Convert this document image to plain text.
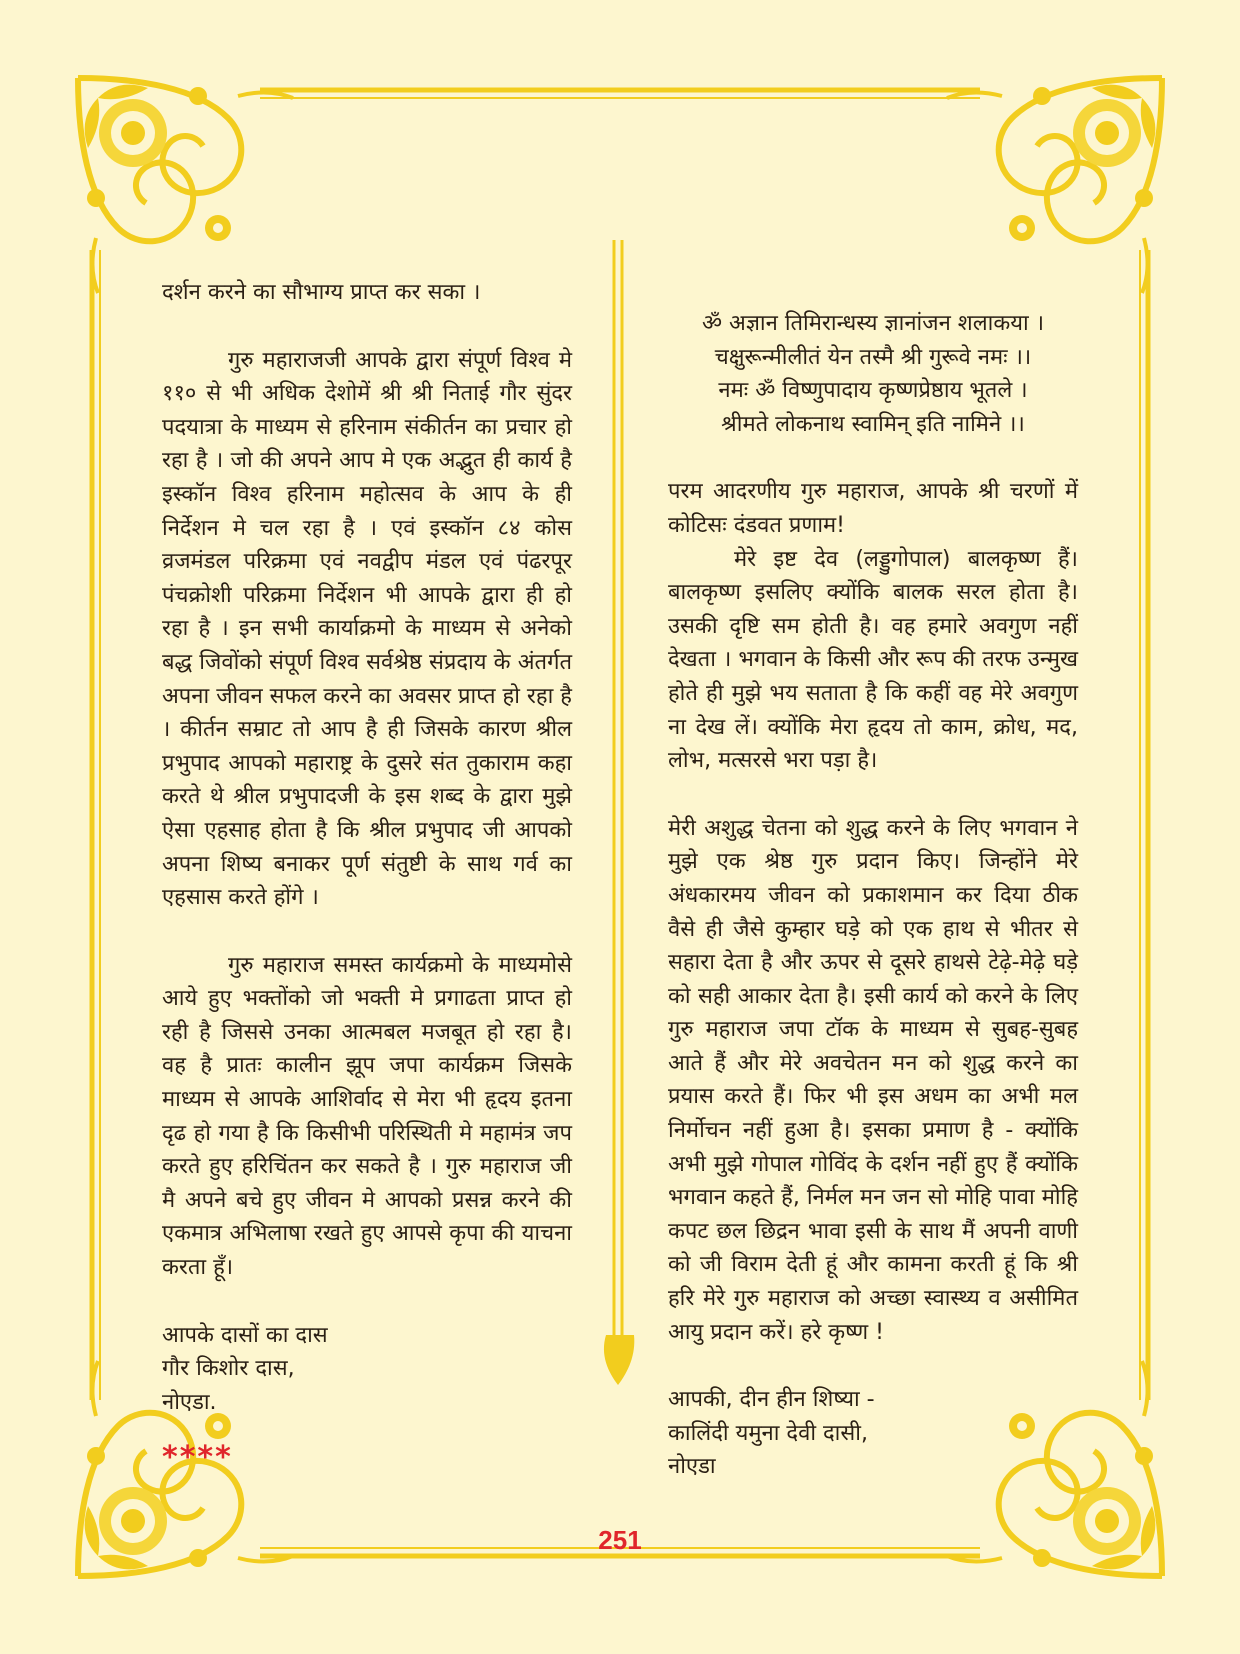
दर्शन करने का सौभाग्य प्राप्त कर सका ।

गुरु महाराजजी आपके द्वारा संपूर्ण विश्व मे ११० से भी अधिक देशोमें श्री श्री निताई गौर सुंदर पदयात्रा के माध्यम से हरिनाम संकीर्तन का प्रचार हो रहा है । जो की अपने आप मे एक अद्भुत ही कार्य है इस्कॉन विश्व हरिनाम महोत्सव के आप के ही निर्देशन मे चल रहा है । एवं इस्कॉन ८४ कोस व्रजमंडल परिक्रमा एवं नवद्वीप मंडल एवं पंढरपूर पंचक्रोशी परिक्रमा निर्देशन भी आपके द्वारा ही हो रहा है । इन सभी कार्याक्रमो के माध्यम से अनेको बद्ध जिवोंको संपूर्ण विश्व सर्वश्रेष्ठ संप्रदाय के अंतर्गत अपना जीवन सफल करने का अवसर प्राप्त हो रहा है । कीर्तन सम्राट तो आप है ही जिसके कारण श्रील प्रभुपाद आपको महाराष्ट्र के दुसरे संत तुकाराम कहा करते थे श्रील प्रभुपादजी के इस शब्द के द्वारा मुझे ऐसा एहसाह होता है कि श्रील प्रभुपाद जी आपको अपना शिष्य बनाकर पूर्ण संतुष्टी के साथ गर्व का एहसास करते होंगे ।

गुरु महाराज समस्त कार्यक्रमो के माध्यमोसे आये हुए भक्तोंको जो भक्ती मे प्रगाढता प्राप्त हो रही है जिससे उनका आत्मबल मजबूत हो रहा है। वह है प्रातः कालीन झूप जपा कार्यक्रम जिसके माध्यम से आपके आशिर्वाद से मेरा भी हृदय इतना दृढ हो गया है कि किसीभी परिस्थिती मे महामंत्र जप करते हुए हरिचिंतन कर सकते है । गुरु महाराज जी मै अपने बचे हुए जीवन मे आपको प्रसन्न करने की एकमात्र अभिलाषा रखते हुए आपसे कृपा की याचना करता हूँ।

आपके दासों का दास

गौर किशोर दास,

नोएडा.

****

ॐ अज्ञान तिमिरान्धस्य ज्ञानांजन शलाकया ।

चक्षुरून्मीलीतं येन तस्मै श्री गुरूवे नमः ।।

नमः ॐ विष्णुपादाय कृष्णप्रेष्ठाय भूतले ।

श्रीमते लोकनाथ स्वामिन् इति नामिने ।।

परम आदरणीय गुरु महाराज, आपके श्री चरणों में कोटिसः दंडवत प्रणाम!

मेरे इष्ट देव (लड्डुगोपाल) बालकृष्ण हैं। बालकृष्ण इसलिए क्योंकि बालक सरल होता है। उसकी दृष्टि सम होती है। वह हमारे अवगुण नहीं देखता । भगवान के किसी और रूप की तरफ उन्मुख होते ही मुझे भय सताता है कि कहीं वह मेरे अवगुण ना देख लें। क्योंकि मेरा हृदय तो काम, क्रोध, मद, लोभ, मत्सरसे भरा पड़ा है।

मेरी अशुद्ध चेतना को शुद्ध करने के लिए भगवान ने मुझे एक श्रेष्ठ गुरु प्रदान किए। जिन्होंने मेरे अंधकारमय जीवन को प्रकाशमान कर दिया ठीक वैसे ही जैसे कुम्हार घड़े को एक हाथ से भीतर से सहारा देता है और ऊपर से दूसरे हाथसे टेढ़े-मेढ़े घड़े को सही आकार देता है। इसी कार्य को करने के लिए गुरु महाराज जपा टॉक के माध्यम से सुबह-सुबह आते हैं और मेरे अवचेतन मन को शुद्ध करने का प्रयास करते हैं। फिर भी इस अधम का अभी मल निर्मोचन नहीं हुआ है। इसका प्रमाण है - क्योंकि अभी मुझे गोपाल गोविंद के दर्शन नहीं हुए हैं क्योंकि भगवान कहते हैं, निर्मल मन जन सो मोहि पावा मोहि कपट छल छिद्रन भावा इसी के साथ मैं अपनी वाणी को जी विराम देती हूं और कामना करती हूं कि श्री हरि मेरे गुरु महाराज को अच्छा स्वास्थ्य व असीमित आयु प्रदान करें। हरे कृष्ण !

आपकी, दीन हीन शिष्या -

कालिंदी यमुना देवी दासी,

नोएडा

251
